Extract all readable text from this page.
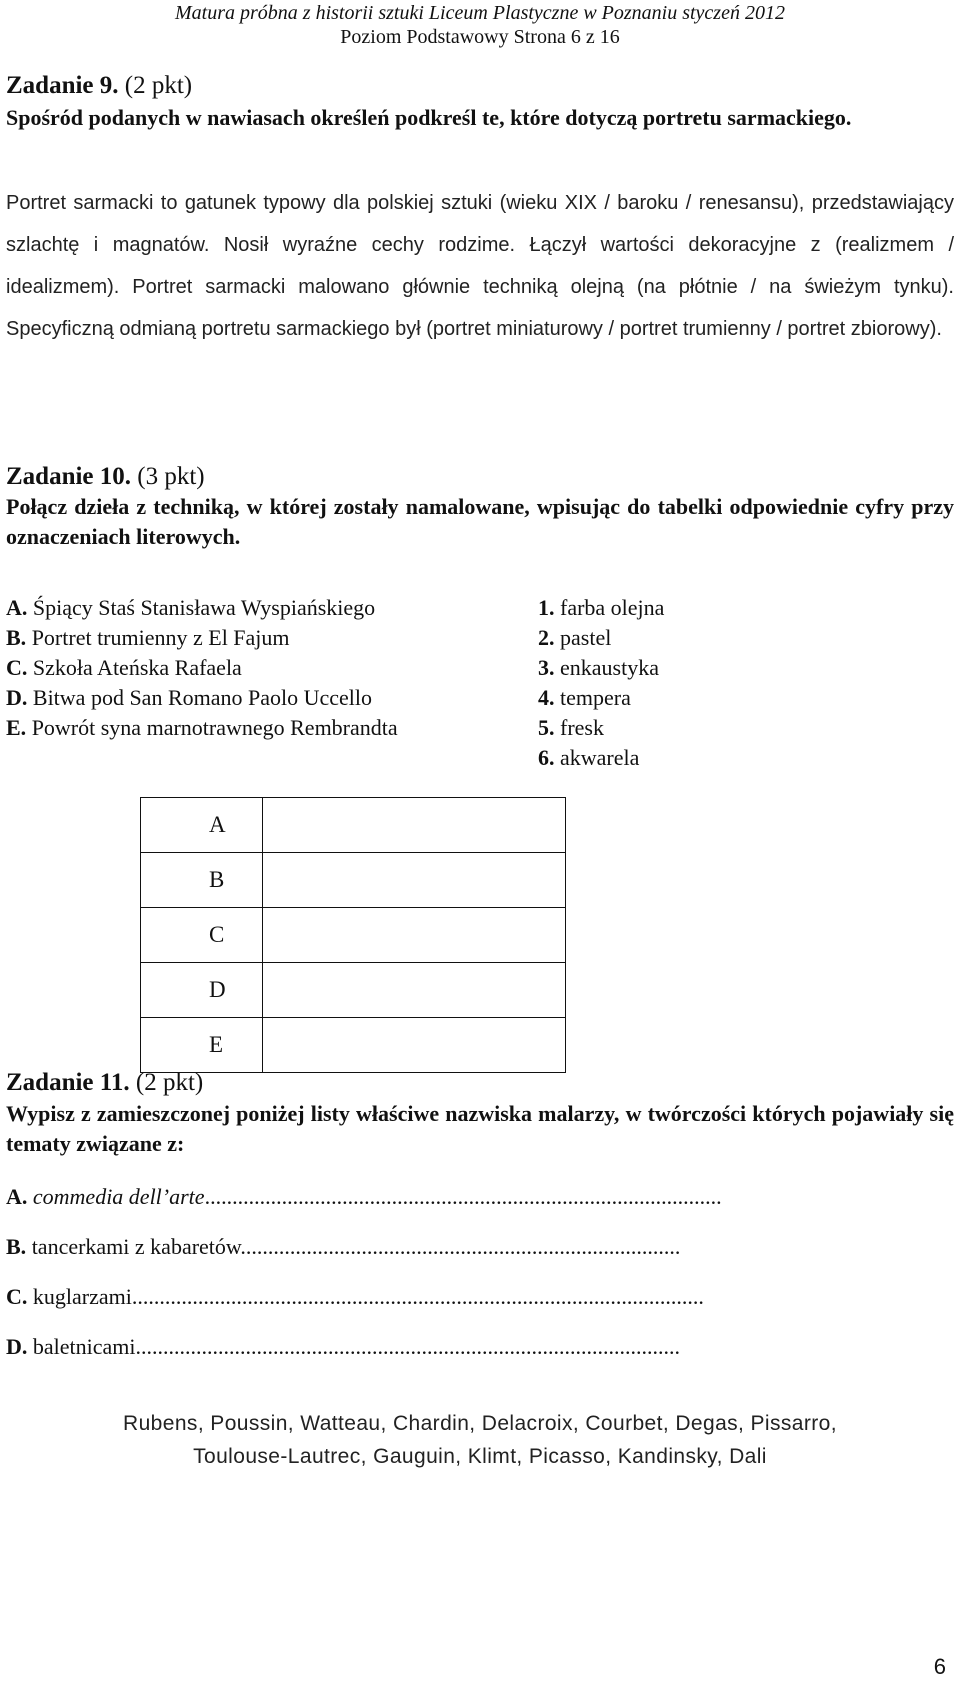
Matura próbna z historii sztuki Liceum Plastyczne w Poznaniu styczeń 2012
Poziom Podstawowy Strona 6 z 16
Zadanie 9. (2 pkt)
Spośród podanych w nawiasach określeń podkreśl te, które dotyczą portretu sarmackiego.
Portret sarmacki to gatunek typowy dla polskiej sztuki (wieku XIX / baroku / renesansu), przedstawiający szlachtę i magnatów. Nosił wyraźne cechy rodzime. Łączył wartości dekoracyjne z (realizmem / idealizmem). Portret sarmacki malowano głównie techniką olejną (na płótnie / na świeżym tynku). Specyficzną odmianą portretu sarmackiego był (portret miniaturowy / portret trumienny / portret zbiorowy).
Zadanie 10. (3 pkt)
Połącz dzieła z techniką, w której zostały namalowane, wpisując do tabelki odpowiednie cyfry przy oznaczeniach literowych.
A. Śpiący Staś Stanisława Wyspiańskiego
B. Portret trumienny z El Fajum
C. Szkoła Ateńska Rafaela
D. Bitwa pod San Romano Paolo Uccello
E. Powrót syna marnotrawnego Rembrandta
1. farba olejna
2. pastel
3. enkaustyka
4. tempera
5. fresk
6. akwarela
A	
B	
C	
D	
E	
Zadanie 11. (2 pkt)
Wypisz z zamieszczonej poniżej listy właściwe nazwiska malarzy, w twórczości których pojawiały się tematy związane z:
A. commedia dell’arte..............................................................................................
B. tancerkami z kabaretów................................................................................
C. kuglarzami........................................................................................................
D. baletnicami...................................................................................................
Rubens, Poussin, Watteau, Chardin, Delacroix, Courbet, Degas, Pissarro,
Toulouse-Lautrec, Gauguin, Klimt, Picasso, Kandinsky, Dali
6
